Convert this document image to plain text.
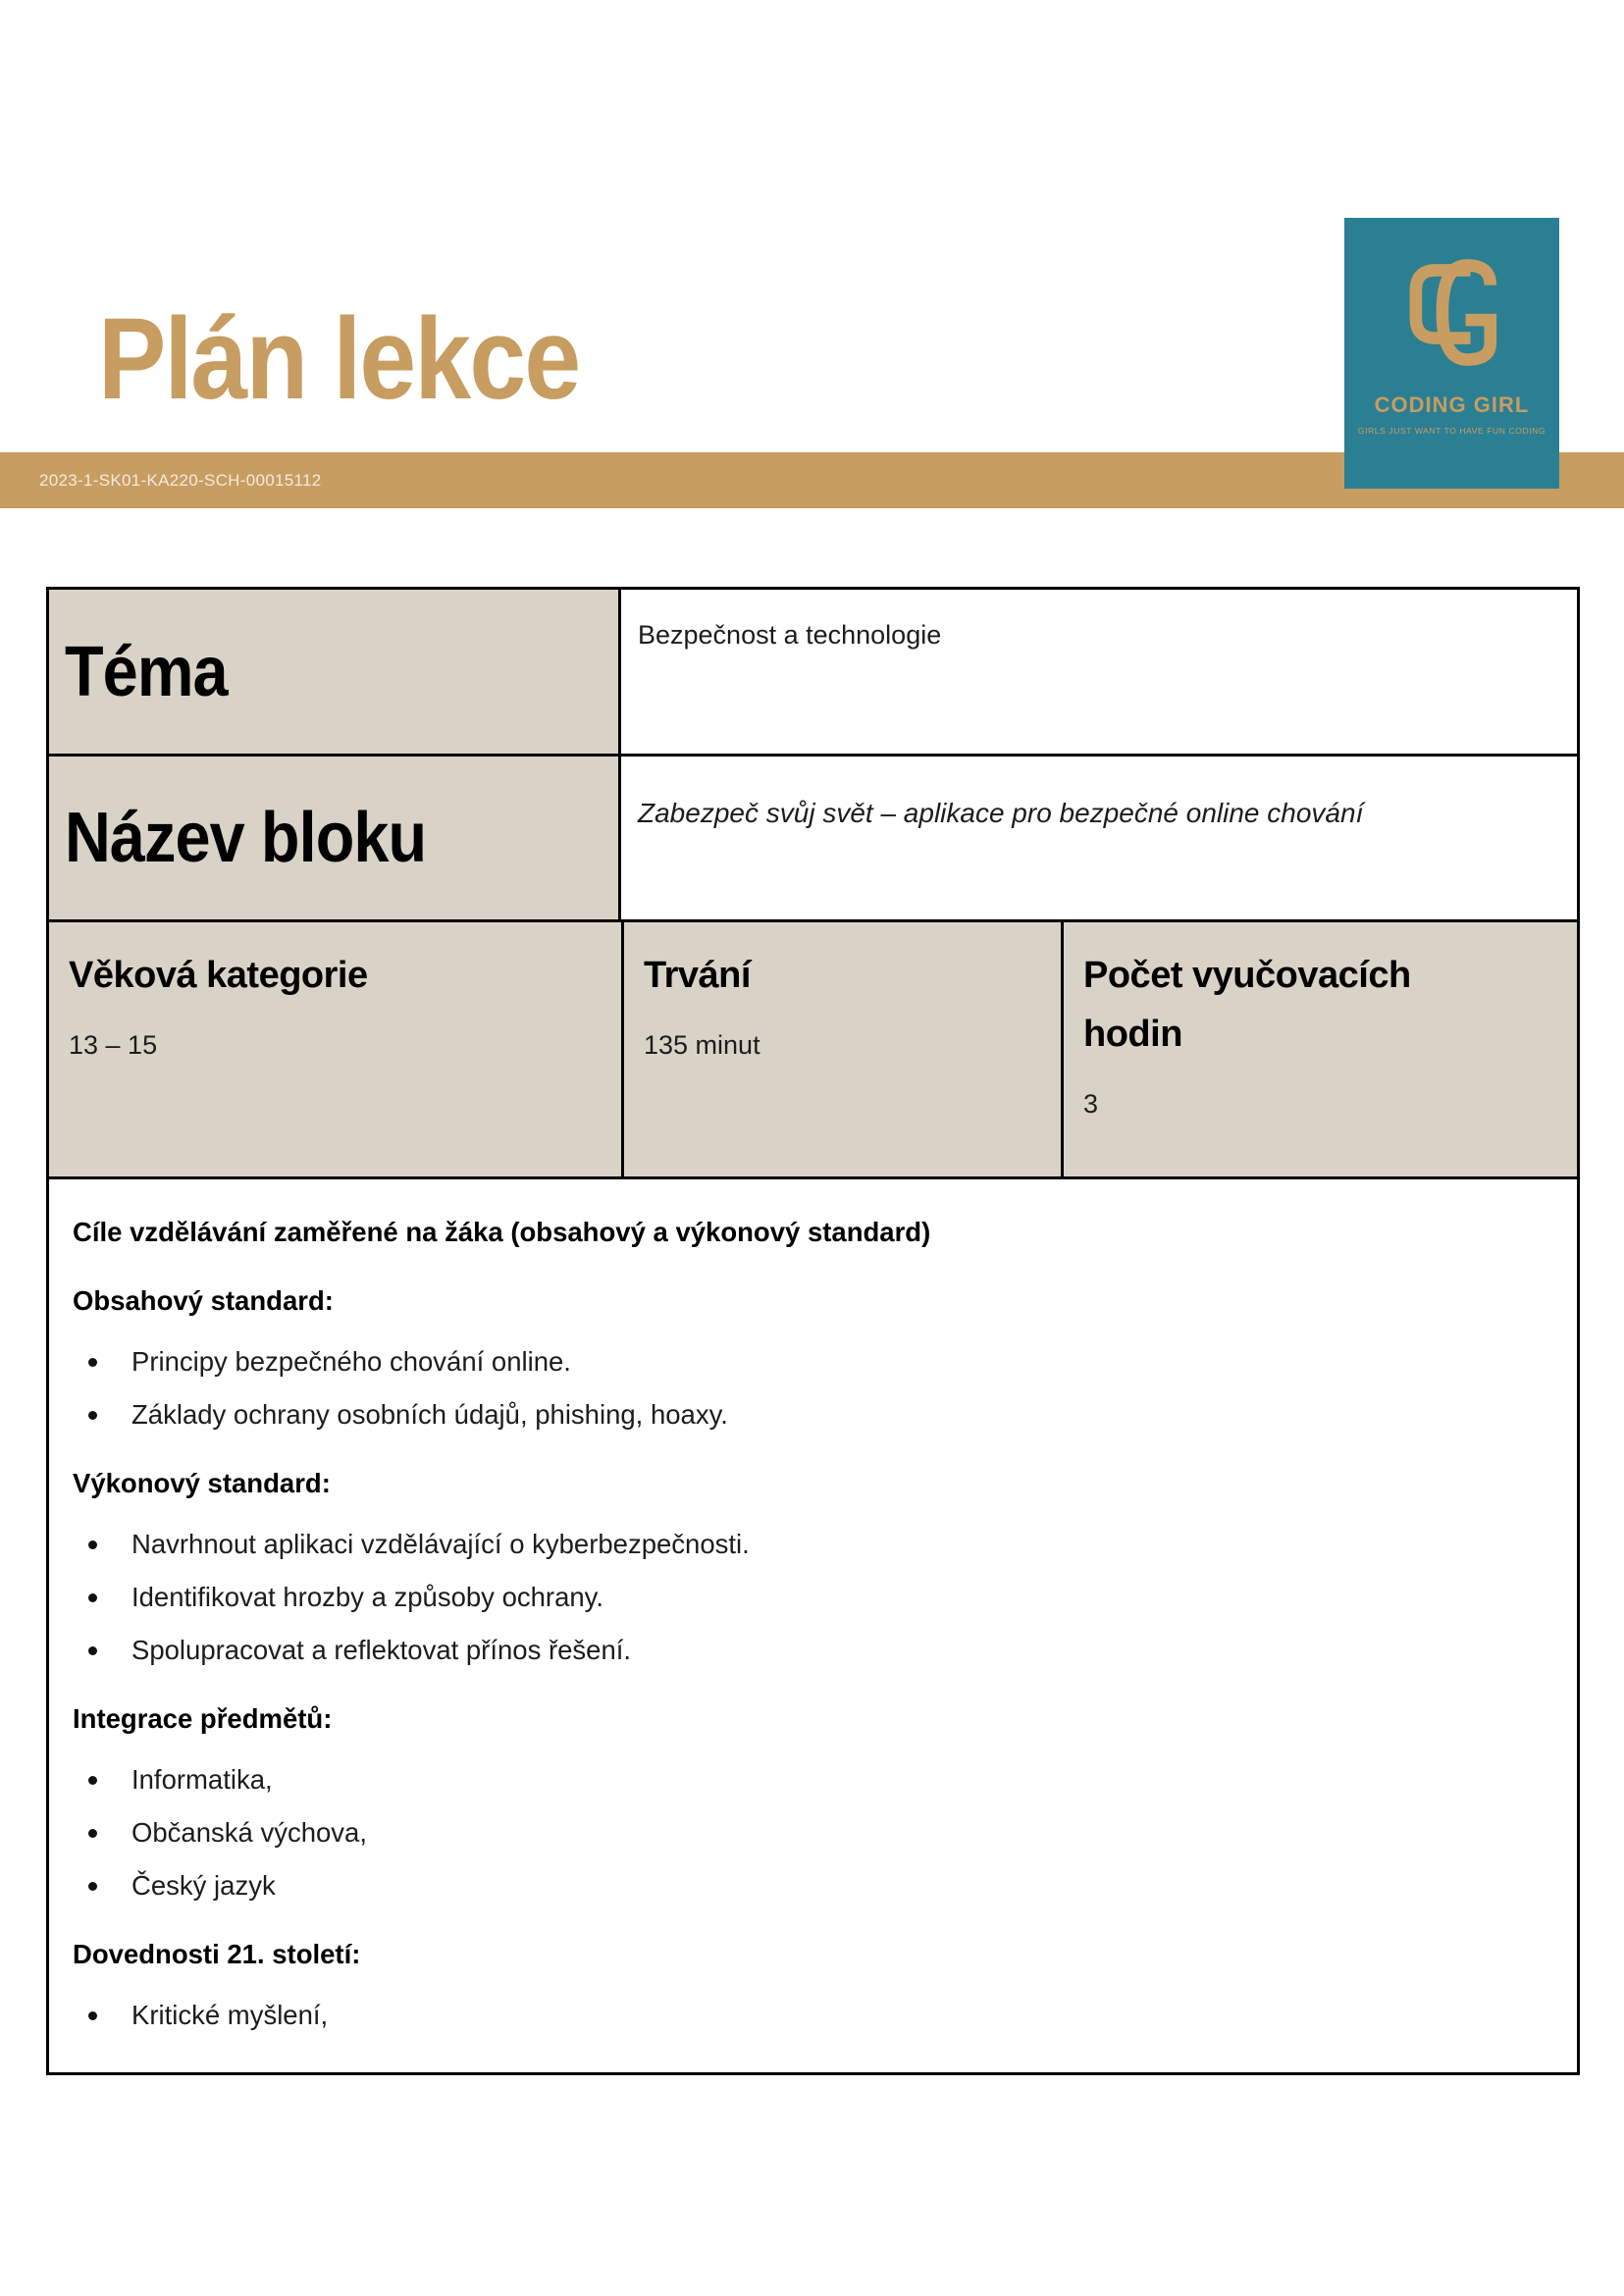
Plán lekce
2023-1-SK01-KA220-SCH-00015112
CODING GIRL
GIRLS JUST WANT TO HAVE FUN CODING
Téma	Bezpečnost a technologie
Název bloku	Zabezpeč svůj svět – aplikace pro bezpečné online chování
Věková kategorie
13 – 15
Trvání
135 minut
Počet vyučovacích hodin
3
Cíle vzdělávání zaměřené na žáka (obsahový a výkonový standard)
Obsahový standard:
Principy bezpečného chování online.
Základy ochrany osobních údajů, phishing, hoaxy.
Výkonový standard:
Navrhnout aplikaci vzdělávající o kyberbezpečnosti.
Identifikovat hrozby a způsoby ochrany.
Spolupracovat a reflektovat přínos řešení.
Integrace předmětů:
Informatika,
Občanská výchova,
Český jazyk
Dovednosti 21. století:
Kritické myšlení,
